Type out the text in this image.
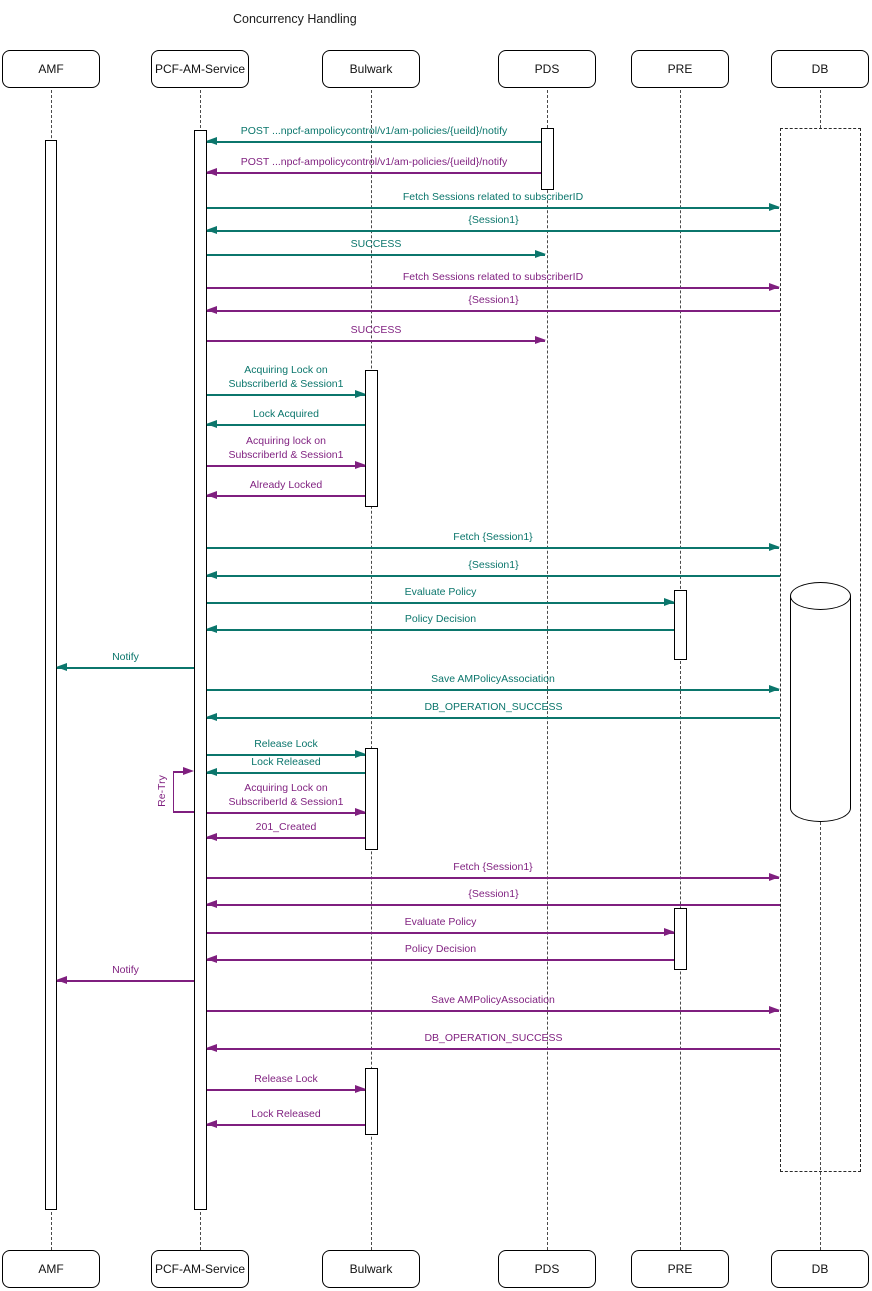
Concurrency Handling
AMF
AMF
PCF-AM-Service
PCF-AM-Service
Bulwark
Bulwark
PDS
PDS
PRE
PRE
DB
DB
POST ...npcf-ampolicycontrol/v1/am-policies/{ueild}/notify
POST ...npcf-ampolicycontrol/v1/am-policies/{ueild}/notify
Fetch Sessions related to subscriberID
{Session1}
SUCCESS
Fetch Sessions related to subscriberID
{Session1}
SUCCESS
Acquiring Lock on
SubscriberId & Session1
Lock Acquired
Acquiring lock on
SubscriberId & Session1
Already Locked
Fetch {Session1}
{Session1}
Evaluate Policy
Policy Decision
Notify
Save AMPolicyAssociation
DB_OPERATION_SUCCESS
Release Lock
Lock Released
Acquiring Lock on
SubscriberId & Session1
201_Created
Fetch {Session1}
{Session1}
Evaluate Policy
Policy Decision
Notify
Save AMPolicyAssociation
DB_OPERATION_SUCCESS
Release Lock
Lock Released
Re-Try
